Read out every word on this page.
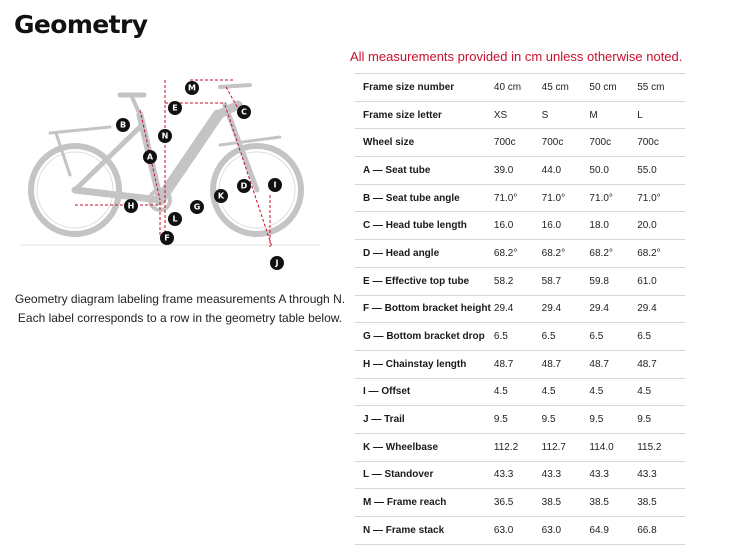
Geometry
A
B
C
D
E
F
G
H
I
J
K
L
M
N
Geometry diagram labeling frame measurements A through N.
Each label corresponds to a row in the geometry table below.
All measurements provided in cm unless otherwise noted.
Frame size number	40 cm	45 cm	50 cm	55 cm
Frame size letter	XS	S	M	L
Wheel size	700c	700c	700c	700c
A — Seat tube	39.0	44.0	50.0	55.0
B — Seat tube angle	71.0°	71.0°	71.0°	71.0°
C — Head tube length	16.0	16.0	18.0	20.0
D — Head angle	68.2°	68.2°	68.2°	68.2°
E — Effective top tube	58.2	58.7	59.8	61.0
F — Bottom bracket height	29.4	29.4	29.4	29.4
G — Bottom bracket drop	6.5	6.5	6.5	6.5
H — Chainstay length	48.7	48.7	48.7	48.7
I — Offset	4.5	4.5	4.5	4.5
J — Trail	9.5	9.5	9.5	9.5
K — Wheelbase	112.2	112.7	114.0	115.2
L — Standover	43.3	43.3	43.3	43.3
M — Frame reach	36.5	38.5	38.5	38.5
N — Frame stack	63.0	63.0	64.9	66.8
